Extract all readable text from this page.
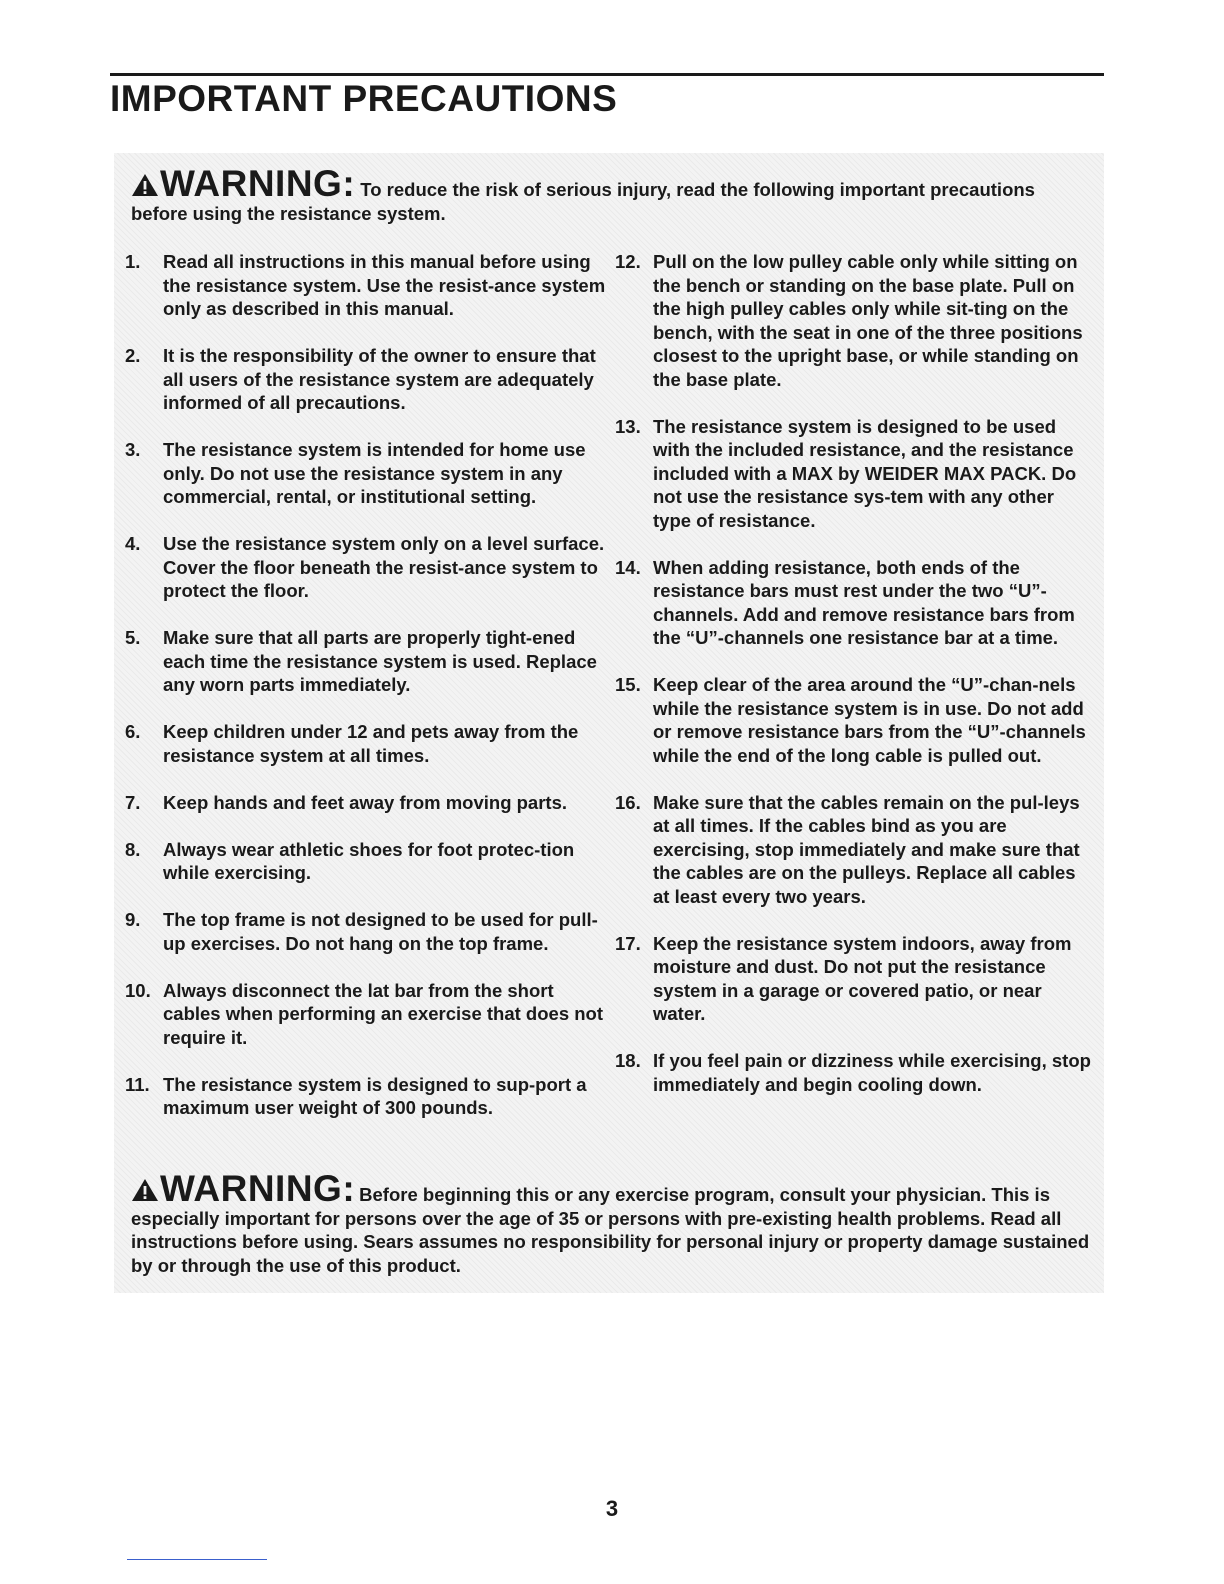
IMPORTANT PRECAUTIONS
WARNING: To reduce the risk of serious injury, read the following important precautions before using the resistance system.
1. Read all instructions in this manual before using the resistance system. Use the resist-ance system only as described in this manual.
2. It is the responsibility of the owner to ensure that all users of the resistance system are adequately informed of all precautions.
3. The resistance system is intended for home use only. Do not use the resistance system in any commercial, rental, or institutional setting.
4. Use the resistance system only on a level surface. Cover the floor beneath the resist-ance system to protect the floor.
5. Make sure that all parts are properly tight-ened each time the resistance system is used. Replace any worn parts immediately.
6. Keep children under 12 and pets away from the resistance system at all times.
7. Keep hands and feet away from moving parts.
8. Always wear athletic shoes for foot protec-tion while exercising.
9. The top frame is not designed to be used for pull-up exercises. Do not hang on the top frame.
10. Always disconnect the lat bar from the short cables when performing an exercise that does not require it.
11. The resistance system is designed to sup-port a maximum user weight of 300 pounds.
12. Pull on the low pulley cable only while sitting on the bench or standing on the base plate. Pull on the high pulley cables only while sit-ting on the bench, with the seat in one of the three positions closest to the upright base, or while standing on the base plate.
13. The resistance system is designed to be used with the included resistance, and the resistance included with a MAX by WEIDER MAX PACK. Do not use the resistance sys-tem with any other type of resistance.
14. When adding resistance, both ends of the resistance bars must rest under the two “U”-channels. Add and remove resistance bars from the “U”-channels one resistance bar at a time.
15. Keep clear of the area around the “U”-chan-nels while the resistance system is in use. Do not add or remove resistance bars from the “U”-channels while the end of the long cable is pulled out.
16. Make sure that the cables remain on the pul-leys at all times. If the cables bind as you are exercising, stop immediately and make sure that the cables are on the pulleys. Replace all cables at least every two years.
17. Keep the resistance system indoors, away from moisture and dust. Do not put the resistance system in a garage or covered patio, or near water.
18. If you feel pain or dizziness while exercising, stop immediately and begin cooling down.
WARNING: Before beginning this or any exercise program, consult your physician. This is especially important for persons over the age of 35 or persons with pre-existing health problems. Read all instructions before using. Sears assumes no responsibility for personal injury or property damage sustained by or through the use of this product.
3
